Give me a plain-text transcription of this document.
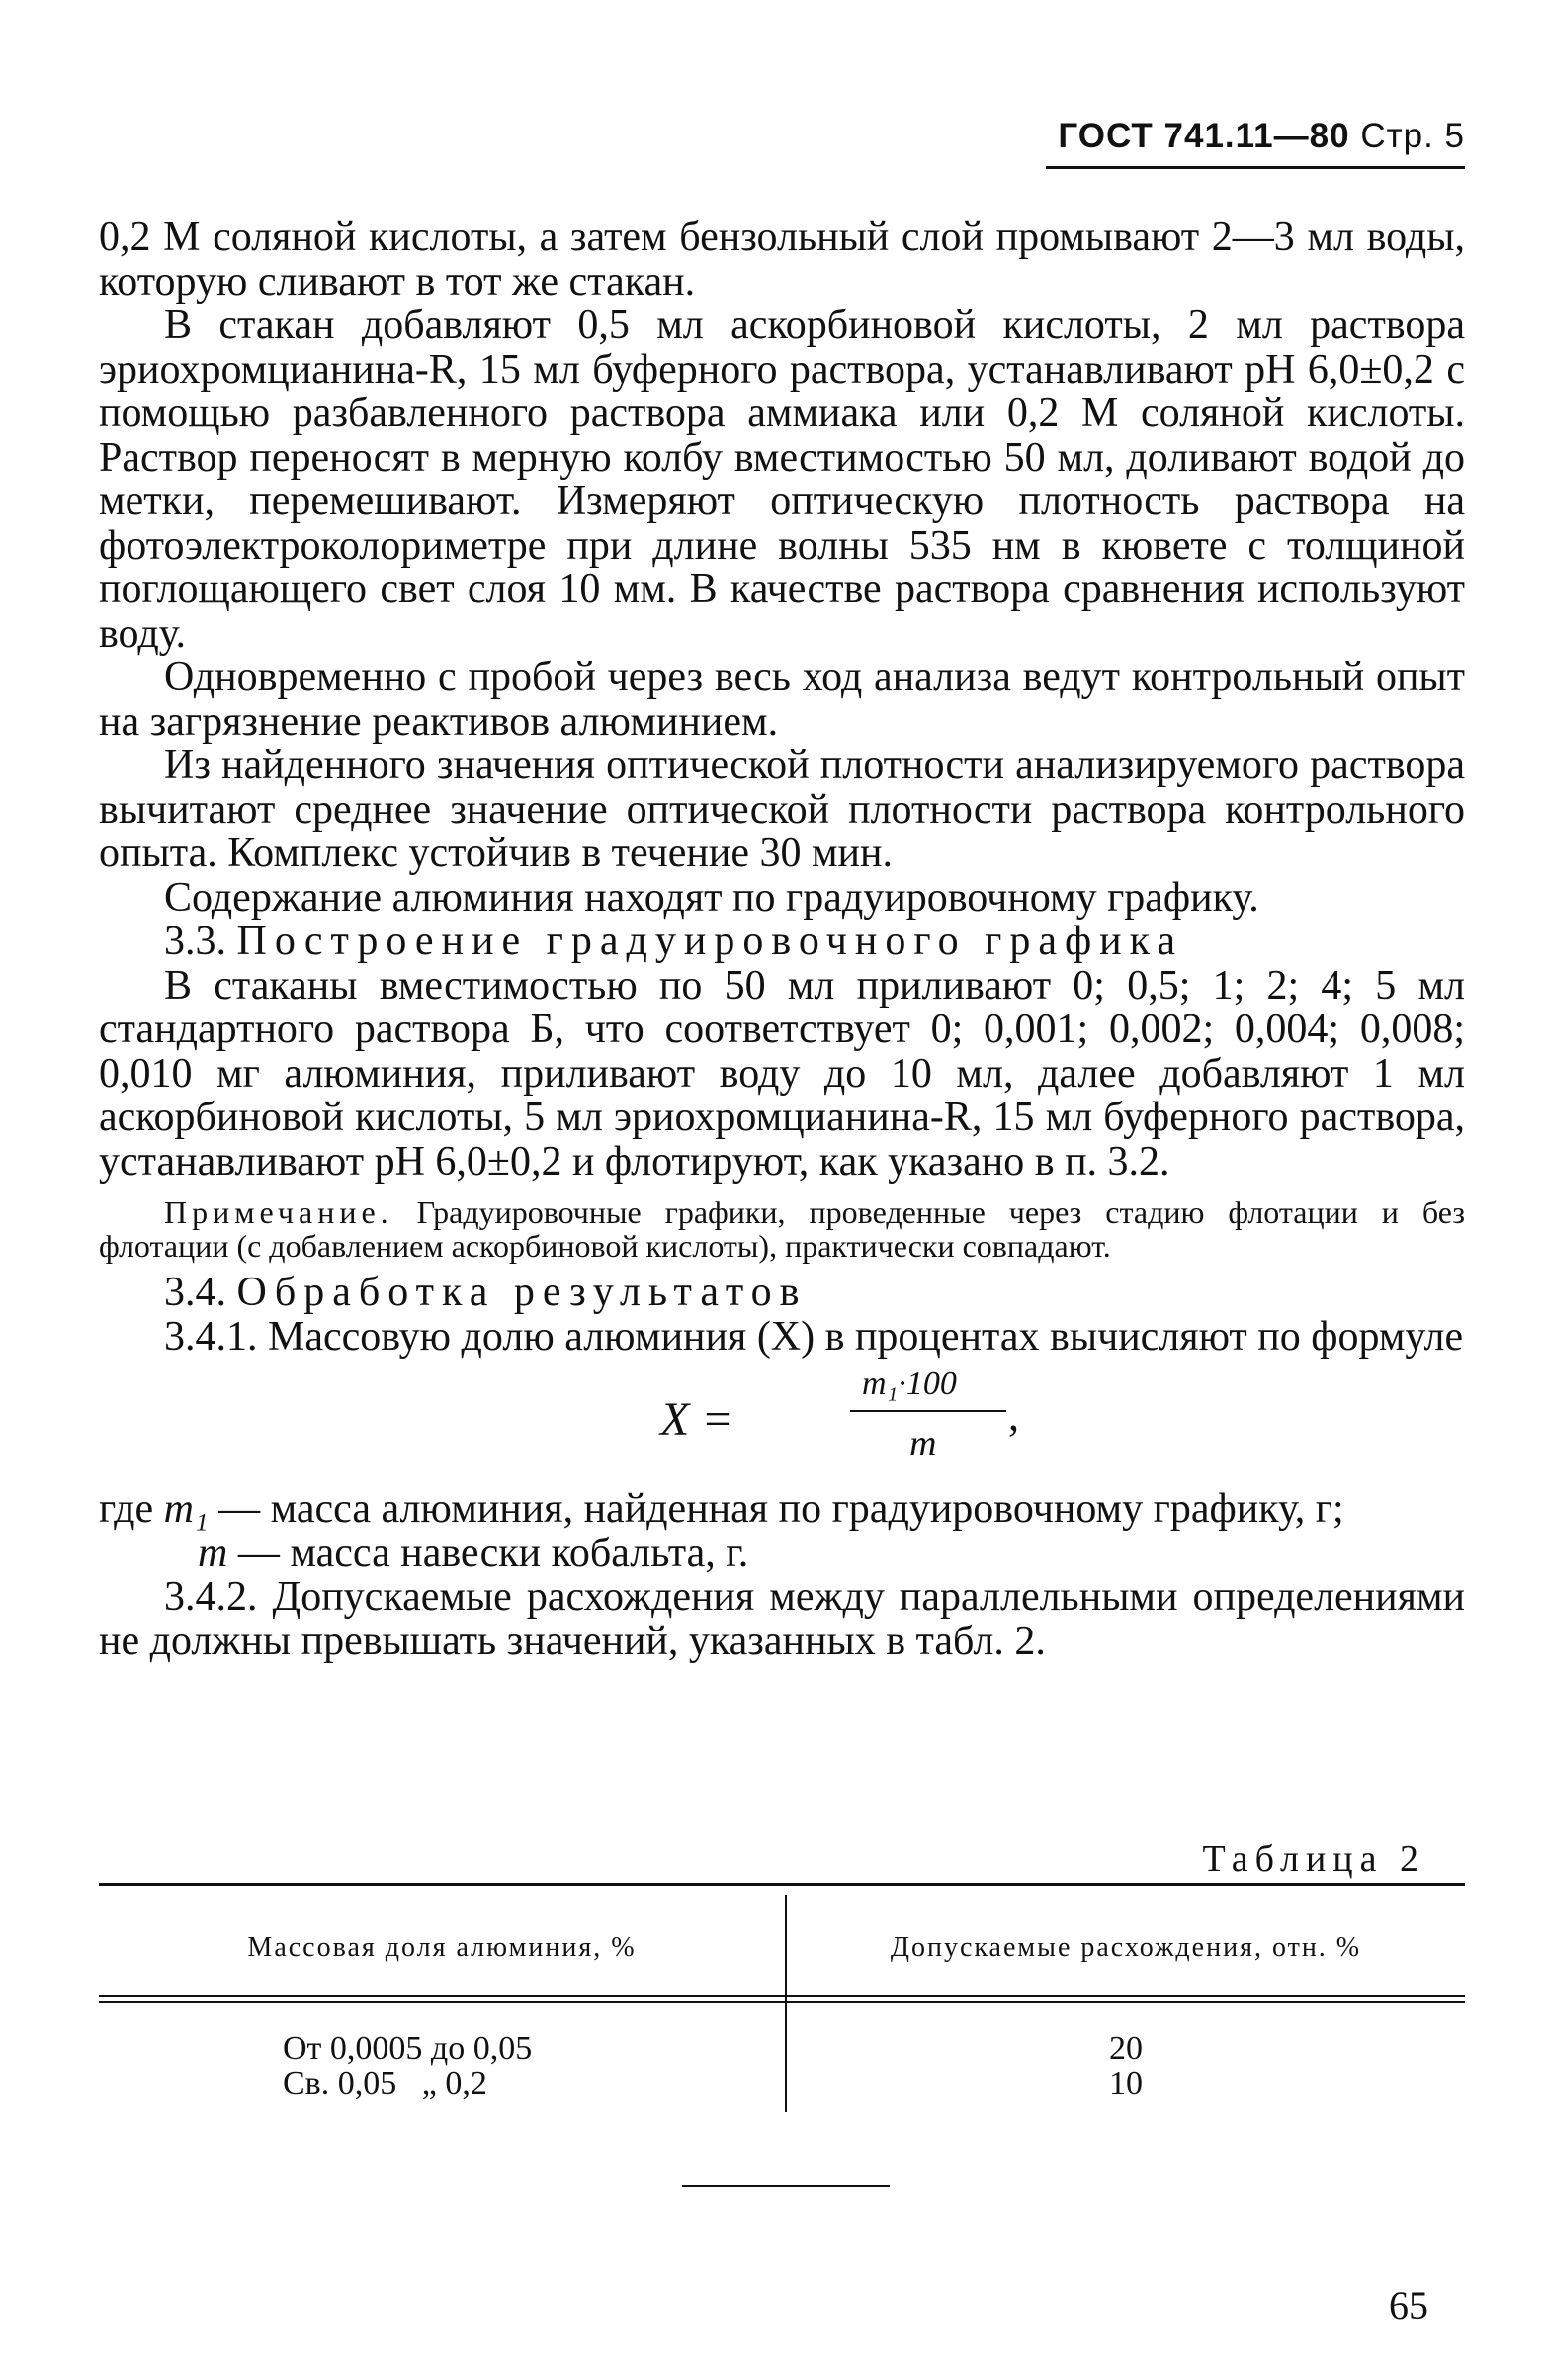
ГОСТ 741.11—80 Стр. 5

0,2 М соляной кислоты, а затем бензольный слой промывают 2—3 мл воды, которую сливают в тот же стакан.

В стакан добавляют 0,5 мл аскорбиновой кислоты, 2 мл раствора эриохромцианина-R, 15 мл буферного раствора, устанавливают рН 6,0±0,2 с помощью разбавленного раствора аммиака или 0,2 М соляной кислоты. Раствор переносят в мерную колбу вместимостью 50 мл, доливают водой до метки, перемешивают. Измеряют оптическую плотность раствора на фотоэлектроколориметре при длине волны 535 нм в кювете с толщиной поглощающего свет слоя 10 мм. В качестве раствора сравнения используют воду.

Одновременно с пробой через весь ход анализа ведут контрольный опыт на загрязнение реактивов алюминием.

Из найденного значения оптической плотности анализируемого раствора вычитают среднее значение оптической плотности раствора контрольного опыта. Комплекс устойчив в течение 30 мин.

Содержание алюминия находят по градуировочному графику.

3.3. Построение градуировочного графика

В стаканы вместимостью по 50 мл приливают 0; 0,5; 1; 2; 4; 5 мл стандартного раствора Б, что соответствует 0; 0,001; 0,002; 0,004; 0,008; 0,010 мг алюминия, приливают воду до 10 мл, далее добавляют 1 мл аскорбиновой кислоты, 5 мл эриохромцианина-R, 15 мл буферного раствора, устанавливают рН 6,0±0,2 и флотируют, как указано в п. 3.2.

Примечание. Градуировочные графики, проведенные через стадию флотации и без флотации (с добавлением аскорбиновой кислоты), практически совпадают.

3.4. Обработка результатов

3.4.1. Массовую долю алюминия (X) в процентах вычисляют по формуле

X =
m₁·100
m
,

где m₁ — масса алюминия, найденная по градуировочному графику, г;

m — масса навески кобальта, г.

3.4.2. Допускаемые расхождения между параллельными определениями не должны превышать значений, указанных в табл. 2.

Таблица 2
Массовая доля алюминия, %	Допускаемые расхождения, отн. %
От 0,0005 до 0,05
Св. 0,05   „ 0,2
20
10
65
